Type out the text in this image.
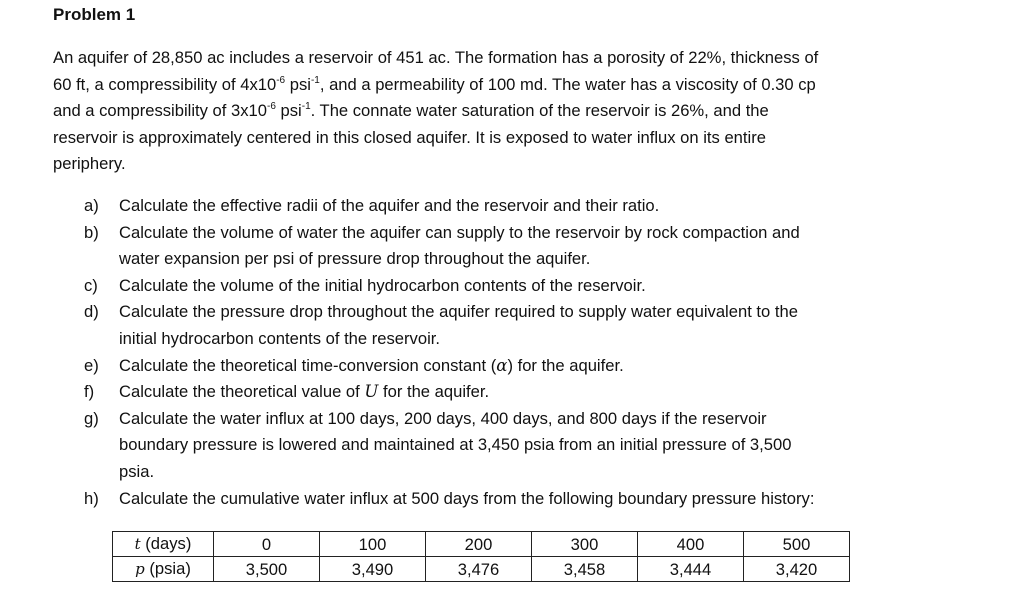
Problem 1
An aquifer of 28,850 ac includes a reservoir of 451 ac. The formation has a porosity of 22%, thickness of
60 ft, a compressibility of $4x10^{-6}$ psi$^{-1}$, and a permeability of 100 md. The water has a viscosity of 0.30 cp
and a compressibility of $3x10^{-6}$ psi$^{-1}$. The connate water saturation of the reservoir is 26%, and the
reservoir is approximately centered in this closed aquifer. It is exposed to water influx on its entire
periphery.
a)	Calculate the effective radii of the aquifer and the reservoir and their ratio.
b)	Calculate the volume of water the aquifer can supply to the reservoir by rock compaction and
water expansion per psi of pressure drop throughout the aquifer.
c)	Calculate the volume of the initial hydrocarbon contents of the reservoir.
d)	Calculate the pressure drop throughout the aquifer required to supply water equivalent to the
initial hydrocarbon contents of the reservoir.
e)	Calculate the theoretical time-conversion constant (α) for the aquifer.
f)	Calculate the theoretical value of U for the aquifer.
g)	Calculate the water influx at 100 days, 200 days, 400 days, and 800 days if the reservoir
boundary pressure is lowered and maintained at 3,450 psia from an initial pressure of 3,500
psia.
h)	Calculate the cumulative water influx at 500 days from the following boundary pressure history:
t (days)	0	100	200	300	400	500
p (psia)	3,500	3,490	3,476	3,458	3,444	3,420
